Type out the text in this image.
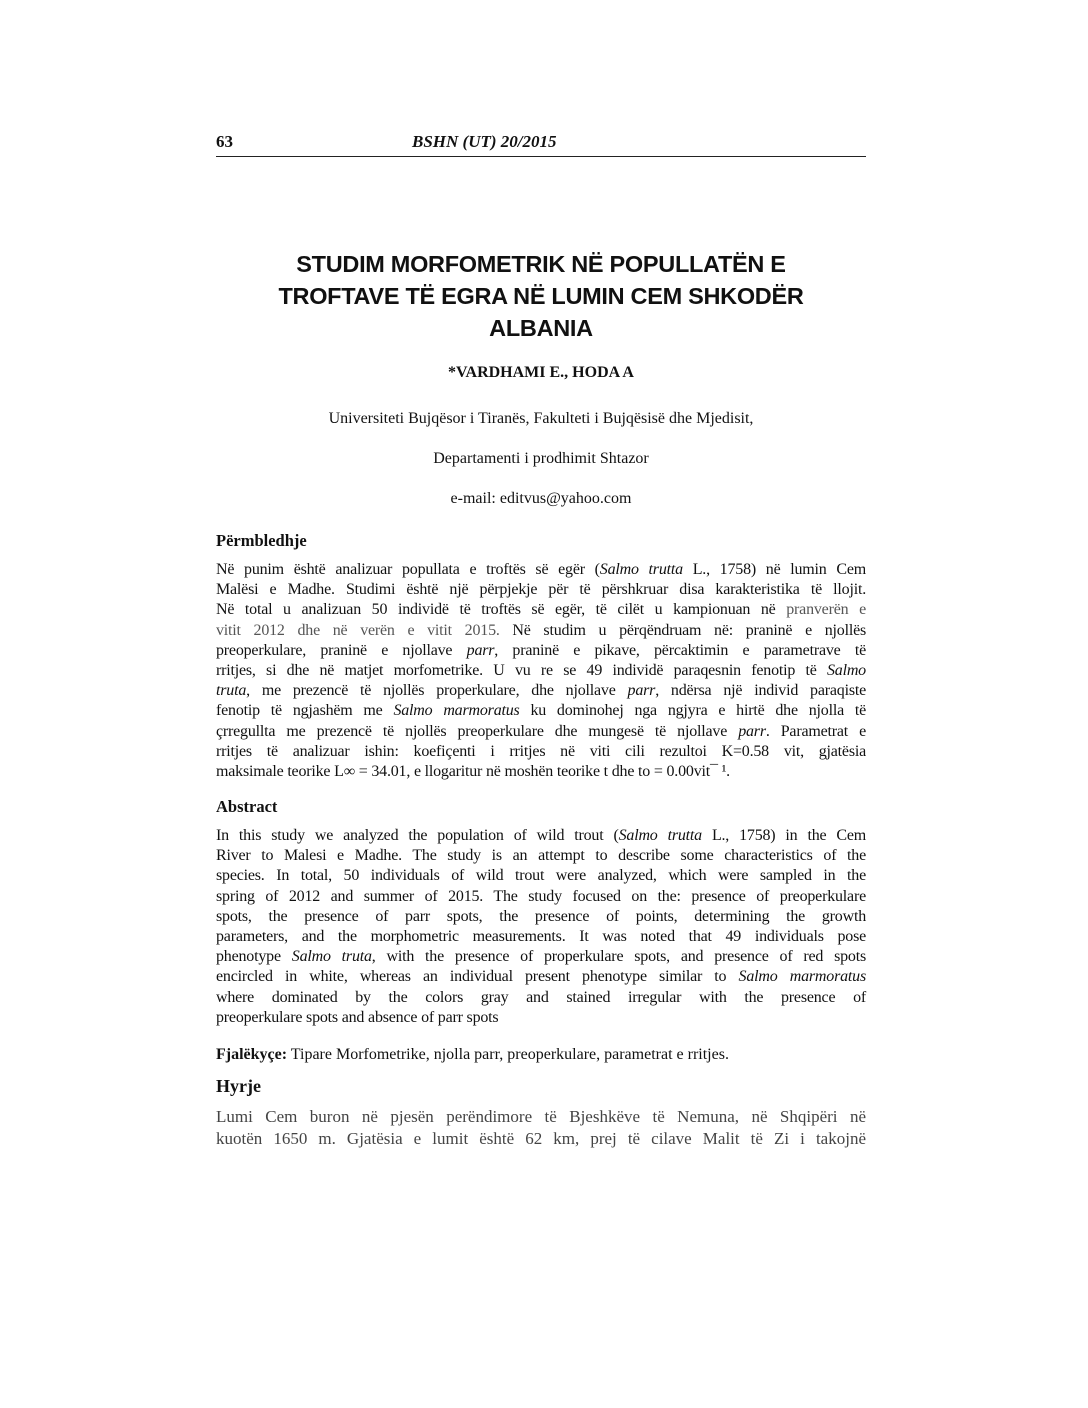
63	BSHN (UT) 20/2015
STUDIM MORFOMETRIK NË POPULLATËN E
TROFTAVE TË EGRA NË LUMIN CEM SHKODËR
ALBANIA
*VARDHAMI E., HODA A
Universiteti Bujqësor i Tiranës, Fakulteti i Bujqësisë dhe Mjedisit,
Departamenti i prodhimit Shtazor
e-mail: editvus@yahoo.com
Përmbledhje
Në punim është analizuar popullata e troftës së egër (Salmo trutta L., 1758) në lumin Cem
Malësi e Madhe. Studimi është një përpjekje për të përshkruar disa karakteristika të llojit.
Në total u analizuan 50 individë të troftës së egër, të cilët u kampionuan në pranverën e
vitit 2012 dhe në verën e vitit 2015. Në studim u përqëndruam në: praninë e njollës
preoperkulare, praninë e njollave parr, praninë e pikave, përcaktimin e parametrave të
rritjes, si dhe në matjet morfometrike. U vu re se 49 individë paraqesnin fenotip të Salmo
truta, me prezencë të njollës properkulare, dhe njollave parr, ndërsa një individ paraqiste
fenotip të ngjashëm me Salmo marmoratus ku dominohej nga ngjyra e hirtë dhe njolla të
çrregullta me prezencë të njollës preoperkulare dhe mungesë të njollave parr. Parametrat e
rritjes të analizuar ishin: koefiçenti i rritjes në viti cili rezultoi K=0.58 vit, gjatësia
maksimale teorike L∞ = 34.01, e llogaritur në moshën teorike t dhe to = 0.00vit¯ ¹.
Abstract
In this study we analyzed the population of wild trout (Salmo trutta L., 1758) in the Cem
River to Malesi e Madhe. The study is an attempt to describe some characteristics of the
species. In total, 50 individuals of wild trout were analyzed, which were sampled in the
spring of 2012 and summer of 2015. The study focused on the: presence of preoperkulare
spots, the presence of parr spots, the presence of points, determining the growth
parameters, and the morphometric measurements. It was noted that 49 individuals pose
phenotype Salmo truta, with the presence of properkulare spots, and presence of red spots
encircled in white, whereas an individual present phenotype similar to Salmo marmoratus
where dominated by the colors gray and stained irregular with the presence of
preoperkulare spots and absence of parr spots
Fjalëkyçe: Tipare Morfometrike, njolla parr, preoperkulare, parametrat e rritjes.
Hyrje
Lumi Cem buron në pjesën perëndimore të Bjeshkëve të Nemuna, në Shqipëri në
kuotën 1650 m. Gjatësia e lumit është 62 km, prej të cilave Malit të Zi i takojnë
